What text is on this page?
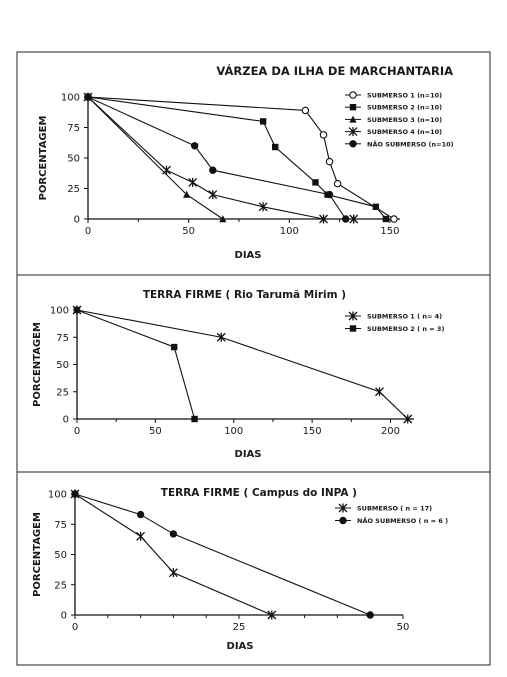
VÁRZEA DA ILHA DE MARCHANTARIA
0	50	100	150
0
25
50
75
100
DIAS
PORCENTAGEM
SUBMERSO 1 (n=10)
SUBMERSO 2 (n=10)
SUBMERSO 3 (n=10)
SUBMERSO 4 (n=10)
NÃO SUBMERSO (n=10)
TERRA FIRME ( Rio Tarumã Mirim )
0	50	100	150	200
0
25
50
75
100
DIAS
PORCENTAGEM
SUBMERSO 1 ( n= 4)
SUBMERSO 2 ( n = 3)
TERRA FIRME ( Campus do INPA )
0	25	50
0
25
50
75
100
DIAS
PORCENTAGEM
SUBMERSO ( n = 17)
NÃO SUBMERSO ( n = 6 )
